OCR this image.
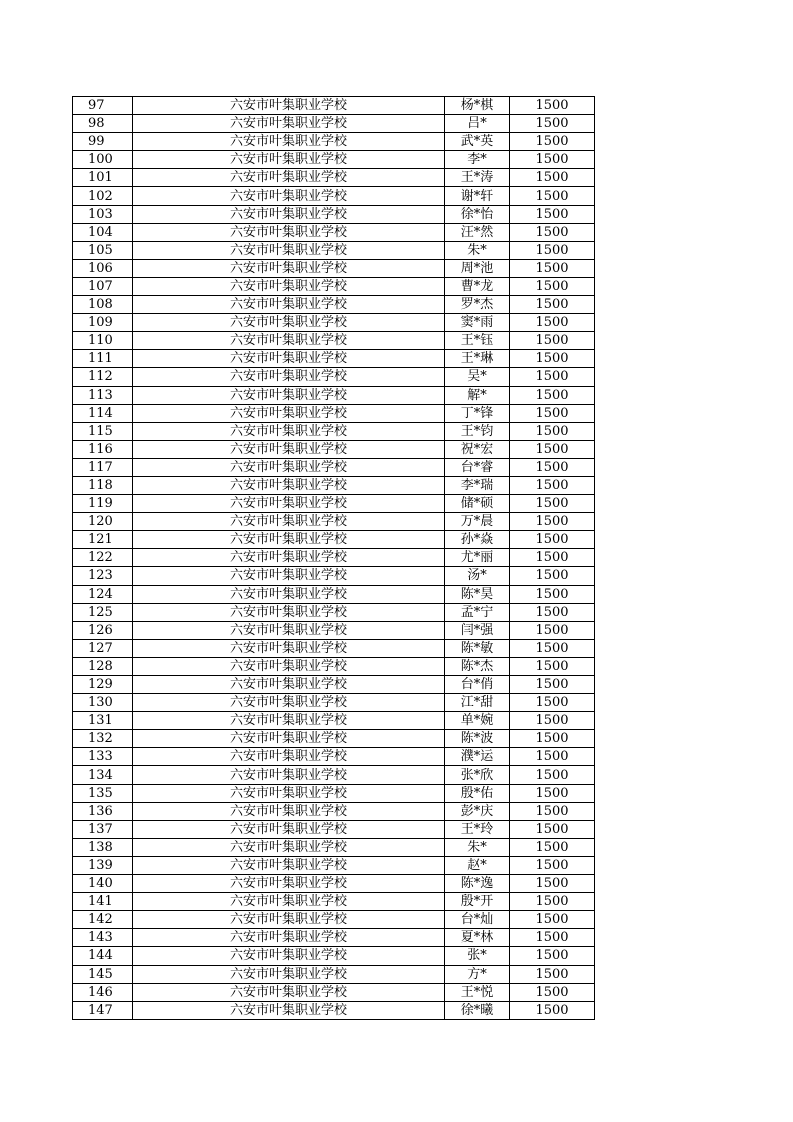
97	六安市叶集职业学校	杨*棋	1500
98	六安市叶集职业学校	吕*	1500
99	六安市叶集职业学校	武*英	1500
100	六安市叶集职业学校	李*	1500
101	六安市叶集职业学校	王*涛	1500
102	六安市叶集职业学校	谢*轩	1500
103	六安市叶集职业学校	徐*怡	1500
104	六安市叶集职业学校	汪*然	1500
105	六安市叶集职业学校	朱*	1500
106	六安市叶集职业学校	周*池	1500
107	六安市叶集职业学校	曹*龙	1500
108	六安市叶集职业学校	罗*杰	1500
109	六安市叶集职业学校	窦*雨	1500
110	六安市叶集职业学校	王*钰	1500
111	六安市叶集职业学校	王*琳	1500
112	六安市叶集职业学校	吴*	1500
113	六安市叶集职业学校	解*	1500
114	六安市叶集职业学校	丁*锋	1500
115	六安市叶集职业学校	王*钧	1500
116	六安市叶集职业学校	祝*宏	1500
117	六安市叶集职业学校	台*睿	1500
118	六安市叶集职业学校	李*瑞	1500
119	六安市叶集职业学校	储*硕	1500
120	六安市叶集职业学校	万*晨	1500
121	六安市叶集职业学校	孙*焱	1500
122	六安市叶集职业学校	尤*丽	1500
123	六安市叶集职业学校	汤*	1500
124	六安市叶集职业学校	陈*昊	1500
125	六安市叶集职业学校	孟*宁	1500
126	六安市叶集职业学校	闫*强	1500
127	六安市叶集职业学校	陈*敏	1500
128	六安市叶集职业学校	陈*杰	1500
129	六安市叶集职业学校	台*俏	1500
130	六安市叶集职业学校	江*甜	1500
131	六安市叶集职业学校	单*婉	1500
132	六安市叶集职业学校	陈*波	1500
133	六安市叶集职业学校	濮*运	1500
134	六安市叶集职业学校	张*欣	1500
135	六安市叶集职业学校	殷*佑	1500
136	六安市叶集职业学校	彭*庆	1500
137	六安市叶集职业学校	王*玲	1500
138	六安市叶集职业学校	朱*	1500
139	六安市叶集职业学校	赵*	1500
140	六安市叶集职业学校	陈*逸	1500
141	六安市叶集职业学校	殷*开	1500
142	六安市叶集职业学校	台*灿	1500
143	六安市叶集职业学校	夏*林	1500
144	六安市叶集职业学校	张*	1500
145	六安市叶集职业学校	方*	1500
146	六安市叶集职业学校	王*悦	1500
147	六安市叶集职业学校	徐*曦	1500
